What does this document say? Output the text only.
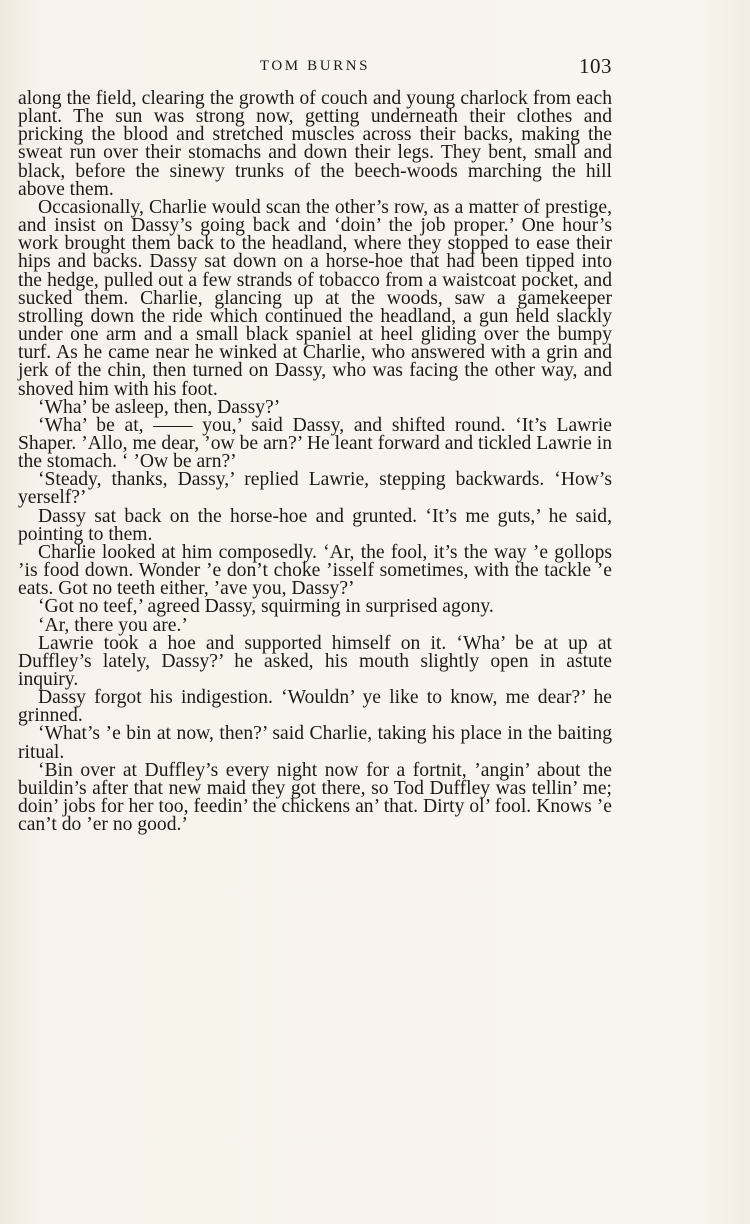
TOM BURNS	103

along the field, clearing the growth of couch and young charlock from each plant. The sun was strong now, getting underneath their clothes and pricking the blood and stretched muscles across their backs, making the sweat run over their stomachs and down their legs. They bent, small and black, before the sinewy trunks of the beech-woods marching the hill above them.

Occasionally, Charlie would scan the other’s row, as a matter of prestige, and insist on Dassy’s going back and ‘doin’ the job proper.’ One hour’s work brought them back to the headland, where they stopped to ease their hips and backs. Dassy sat down on a horse-hoe that had been tipped into the hedge, pulled out a few strands of tobacco from a waistcoat pocket, and sucked them. Charlie, glancing up at the woods, saw a gamekeeper strolling down the ride which continued the headland, a gun held slackly under one arm and a small black spaniel at heel gliding over the bumpy turf. As he came near he winked at Charlie, who answered with a grin and jerk of the chin, then turned on Dassy, who was facing the other way, and shoved him with his foot.

‘Wha’ be asleep, then, Dassy?’

‘Wha’ be at, —— you,’ said Dassy, and shifted round. ‘It’s Lawrie Shaper. ’Allo, me dear, ’ow be arn?’ He leant forward and tickled Lawrie in the stomach. ‘ ’Ow be arn?’

‘Steady, thanks, Dassy,’ replied Lawrie, stepping backwards. ‘How’s yerself?’

Dassy sat back on the horse-hoe and grunted. ‘It’s me guts,’ he said, pointing to them.

Charlie looked at him composedly. ‘Ar, the fool, it’s the way ’e gollops ’is food down. Wonder ’e don’t choke ’isself sometimes, with the tackle ’e eats. Got no teeth either, ’ave you, Dassy?’

‘Got no teef,’ agreed Dassy, squirming in surprised agony.

‘Ar, there you are.’

Lawrie took a hoe and supported himself on it. ‘Wha’ be at up at Duffley’s lately, Dassy?’ he asked, his mouth slightly open in astute inquiry.

Dassy forgot his indigestion. ‘Wouldn’ ye like to know, me dear?’ he grinned.

‘What’s ’e bin at now, then?’ said Charlie, taking his place in the baiting ritual.

‘Bin over at Duffley’s every night now for a fortnit, ’angin’ about the buildin’s after that new maid they got there, so Tod Duffley was tellin’ me; doin’ jobs for her too, feedin’ the chickens an’ that. Dirty ol’ fool. Knows ’e can’t do ’er no good.’
